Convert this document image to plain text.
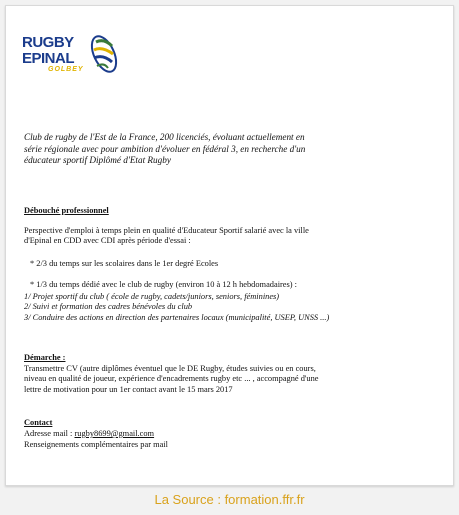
RUGBY
EPINAL
GOLBEY
Club de rugby de l'Est de la France, 200 licenciés, évoluant actuellement en
série régionale avec pour ambition d'évoluer en fédéral 3, en recherche d'un
éducateur sportif Diplômé d'Etat Rugby
Débouché professionnel
Perspective d'emploi à temps plein en qualité d'Educateur Sportif salarié avec la ville
d'Epinal en CDD avec CDI après période d'essai :
* 2/3 du temps sur les scolaires dans le 1er degré Ecoles
* 1/3 du temps dédié avec le club de rugby (environ 10 à 12 h hebdomadaires) :
1/ Projet sportif du club ( école de rugby, cadets/juniors, seniors, féminines)
2/ Suivi et formation des cadres bénévoles du club
3/ Conduire des actions en direction des partenaires locaux (municipalité, USEP, UNSS ...)
Démarche :
Transmettre CV (autre diplômes éventuel que le DE Rugby, études suivies ou en cours,
niveau en qualité de joueur, expérience d'encadrements rugby etc ... , accompagné d'une
lettre de motivation pour un 1er contact avant le 15 mars 2017
Contact
Adresse mail : rugby8699@gmail.com
Renseignements complémentaires par mail
La Source : formation.ffr.fr
